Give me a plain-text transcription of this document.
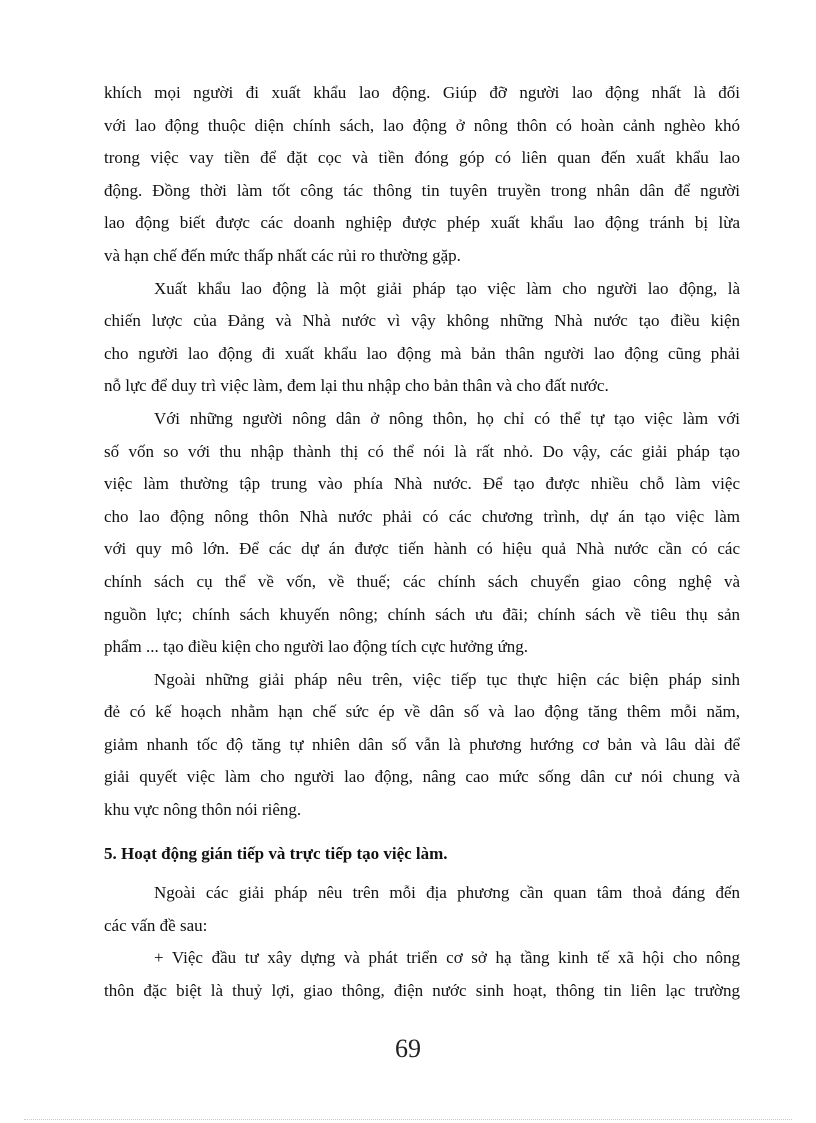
khích mọi người đi xuất khẩu lao động. Giúp đỡ người lao động nhất là đối
với lao động thuộc diện chính sách, lao động ở nông thôn có hoàn cảnh nghèo khó
trong việc vay tiền để đặt cọc và tiền đóng góp có liên quan đến xuất khẩu lao
động. Đồng thời làm tốt công tác thông tin tuyên truyền trong nhân dân để người
lao động biết được các doanh nghiệp được phép xuất khẩu lao động tránh bị lừa
và hạn chế đến mức thấp nhất các rủi ro thường gặp.
Xuất khẩu lao động là một giải pháp tạo việc làm cho người lao động, là
chiến lược của Đảng và Nhà nước vì vậy không những Nhà nước tạo điều kiện
cho người lao động đi xuất khẩu lao động mà bản thân người lao động cũng phải
nỗ lực để duy trì việc làm, đem lại thu nhập cho bản thân và cho đất nước.
Với những người nông dân ở nông thôn, họ chỉ có thể tự tạo việc làm với
số vốn so với thu nhập thành thị có thể nói là rất nhỏ. Do vậy, các giải pháp tạo
việc làm thường tập trung vào phía Nhà nước. Để tạo được nhiều chỗ làm việc
cho lao động nông thôn Nhà nước phải có các chương trình, dự án tạo việc làm
với quy mô lớn. Để các dự án được tiến hành có hiệu quả Nhà nước cần có các
chính sách cụ thể về vốn, về thuế; các chính sách chuyển giao công nghệ và
nguồn lực; chính sách khuyến nông; chính sách ưu đãi; chính sách về tiêu thụ sản
phẩm ... tạo điều kiện cho người lao động tích cực hưởng ứng.
Ngoài những giải pháp nêu trên, việc tiếp tục thực hiện các biện pháp sinh
đẻ có kế hoạch nhằm hạn chế sức ép về dân số và lao động tăng thêm mỗi năm,
giảm nhanh tốc độ tăng tự nhiên dân số vẫn là phương hướng cơ bản và lâu dài để
giải quyết việc làm cho người lao động, nâng cao mức sống dân cư nói chung và
khu vực nông thôn nói riêng.
5. Hoạt động gián tiếp và trực tiếp tạo việc làm.
Ngoài các giải pháp nêu trên mỗi địa phương cần quan tâm thoả đáng đến
các vấn đề sau:
+ Việc đầu tư xây dựng và phát triển cơ sở hạ tầng kinh tế xã hội cho nông
thôn đặc biệt là thuỷ lợi, giao thông, điện nước sinh hoạt, thông tin liên lạc trường
69
